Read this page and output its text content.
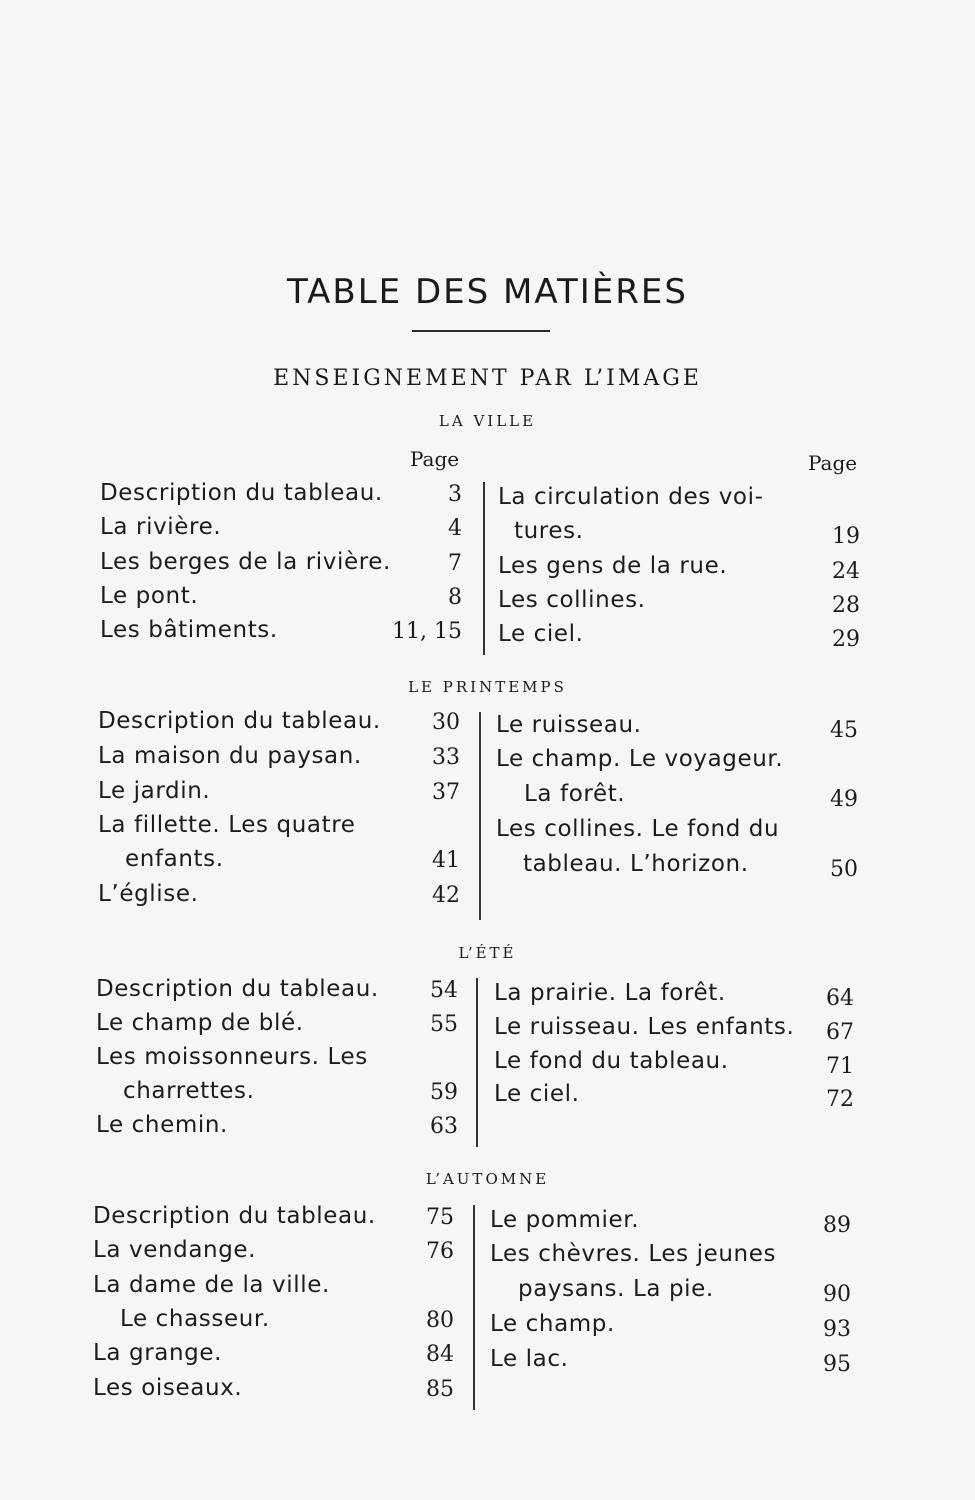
TABLE DES MATIÈRES
ENSEIGNEMENT PAR L’IMAGE
Page	Page
LA VILLE
Description du tableau.	3
La rivière.	4
Les berges de la rivière.	7
Le pont.	8
Les bâtiments.	11, 15
La circulation des voi-
tures.	19
Les gens de la rue.	24
Les collines.	28
Le ciel.	29
LE PRINTEMPS
Description du tableau.	30
La maison du paysan.	33
Le jardin.	37
La fillette. Les quatre
enfants.	41
L’église.	42
Le ruisseau.	45
Le champ. Le voyageur.
La forêt.	49
Les collines. Le fond du
tableau. L’horizon.	50
L’ÉTÉ
Description du tableau.	54
Le champ de blé.	55
Les moissonneurs. Les
charrettes.	59
Le chemin.	63
La prairie. La forêt.	64
Le ruisseau. Les enfants.	67
Le fond du tableau.	71
Le ciel.	72
L’AUTOMNE
Description du tableau.	75
La vendange.	76
La dame de la ville.
Le chasseur.	80
La grange.	84
Les oiseaux.	85
Le pommier.	89
Les chèvres. Les jeunes
paysans. La pie.	90
Le champ.	93
Le lac.	95
